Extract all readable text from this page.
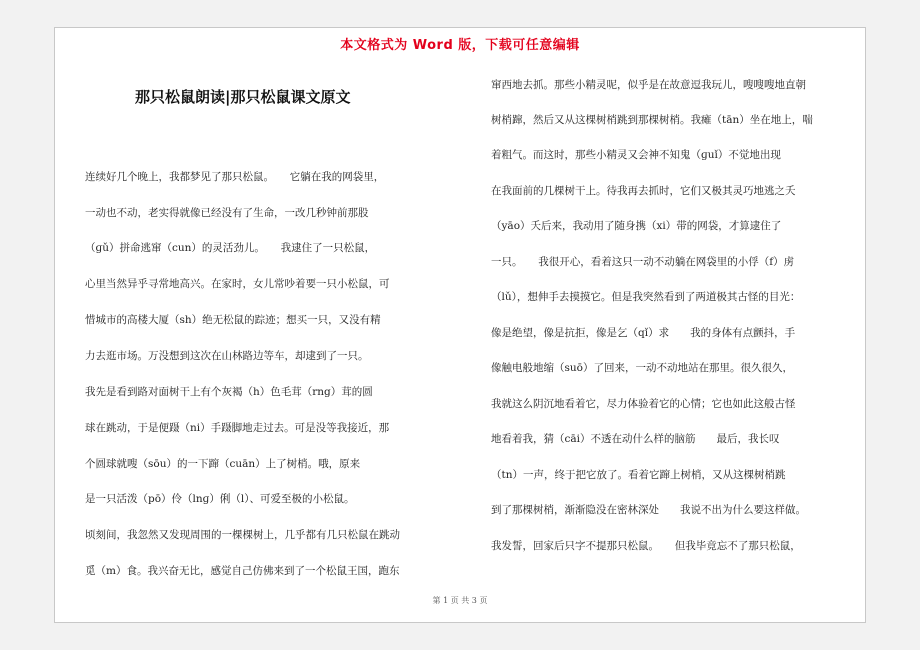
本文格式为 Word 版，下载可任意编辑
那只松鼠朗读|那只松鼠课文原文
连续好几个晚上，我都梦见了那只松鼠。　　它躺在我的网袋里，
一动也不动，老实得就像已经没有了生命，一改几秒钟前那股
（ɡǔ）拼命逃窜（cun）的灵活劲儿。　　我逮住了一只松鼠，
心里当然异乎寻常地高兴。在家时，女儿常吵着要一只小松鼠，可
惜城市的高楼大厦（sh）绝无松鼠的踪迹；想买一只，又没有精
力去逛市场。万没想到这次在山林路边等车，却逮到了一只。
我先是看到路对面树干上有个灰褐（h）色毛茸（rng）茸的圆
球在跳动，于是便蹑（ni）手蹑脚地走过去。可是没等我接近，那
个圆球就嗖（sōu）的一下蹿（cuān）上了树梢。哦，原来
是一只活泼（pō）伶（lnɡ）俐（l）、可爱至极的小松鼠。
顷刻间，我忽然又发现周围的一棵棵树上，几乎都有几只松鼠在跳动
觅（m）食。我兴奋无比，感觉自己仿佛来到了一个松鼠王国，跑东
窜西地去抓。那些小精灵呢，似乎是在故意逗我玩儿，嗖嗖嗖地直朝
树梢蹿，然后又从这棵树梢跳到那棵树梢。我瘫（tān）坐在地上，喘
着粗气。而这时，那些小精灵又会神不知鬼（ɡuǐ）不觉地出现
在我面前的几棵树干上。待我再去抓时，它们又极其灵巧地逃之夭
（yāo）夭后来，我动用了随身携（xi）带的网袋，才算逮住了
一只。　　我很开心，看着这只一动不动躺在网袋里的小俘（f）虏
（lǔ），想伸手去摸摸它。但是我突然看到了两道极其古怪的目光：
像是绝望，像是抗拒，像是乞（qǐ）求　　我的身体有点颤抖，手
像触电般地缩（suō）了回来，一动不动地站在那里。很久很久，
我就这么阴沉地看着它，尽力体验着它的心情；它也如此这般古怪
地看着我，猜（cāi）不透在动什么样的脑筋　　最后，我长叹
（tn）一声，终于把它放了。看着它蹿上树梢，又从这棵树梢跳
到了那棵树梢，渐渐隐没在密林深处　　我说不出为什么要这样做。
我发誓，回家后只字不提那只松鼠。　　但我毕竟忘不了那只松鼠，
第 1 页 共 3 页
